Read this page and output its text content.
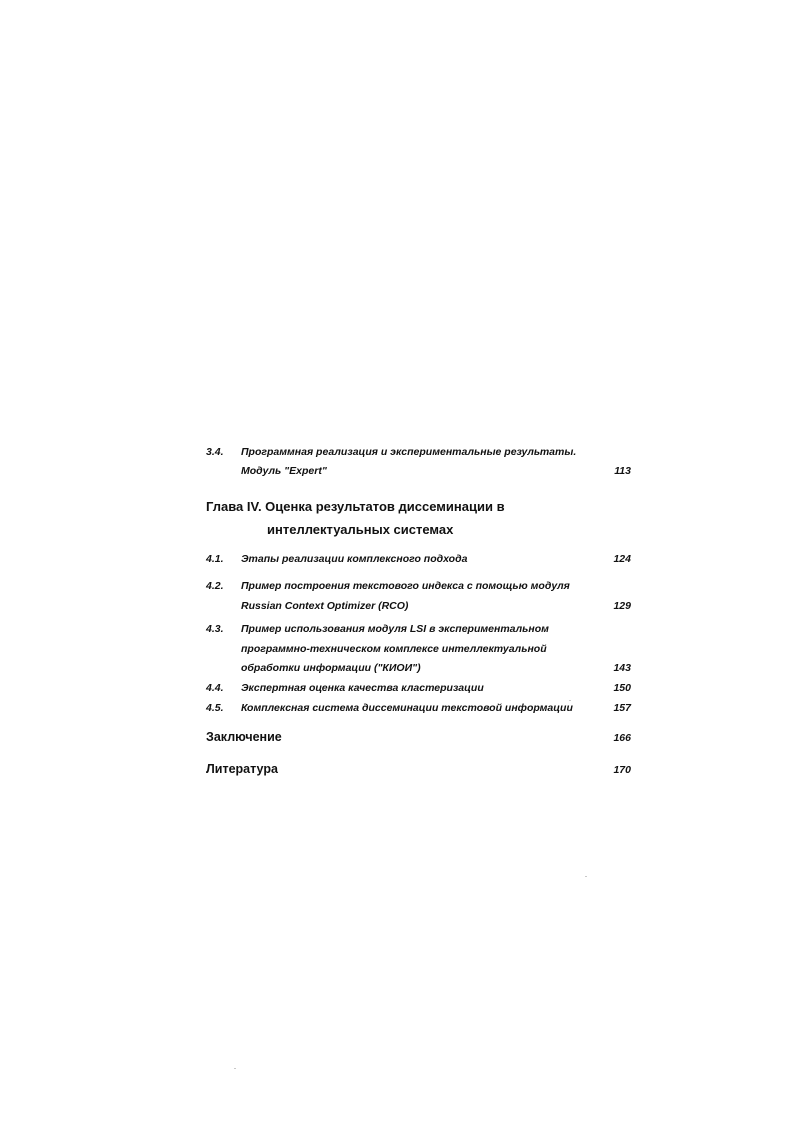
3.4. Программная реализация и экспериментальные результаты.
Модуль "Expert"	113
Глава IV. Оценка результатов диссеминации в
интеллектуальных системах
4.1. Этапы реализации комплексного подхода	124
4.2. Пример построения текстового индекса с помощью модуля
Russian Context Optimizer (RCO)	129
4.3. Пример использования модуля LSI в экспериментальном
программно-техническом комплексе интеллектуальной
обработки информации ("КИОИ")	143
4.4. Экспертная оценка качества кластеризации	150
4.5. Комплексная система диссеминации текстовой информации	157
Заключение	166
Литература	170
